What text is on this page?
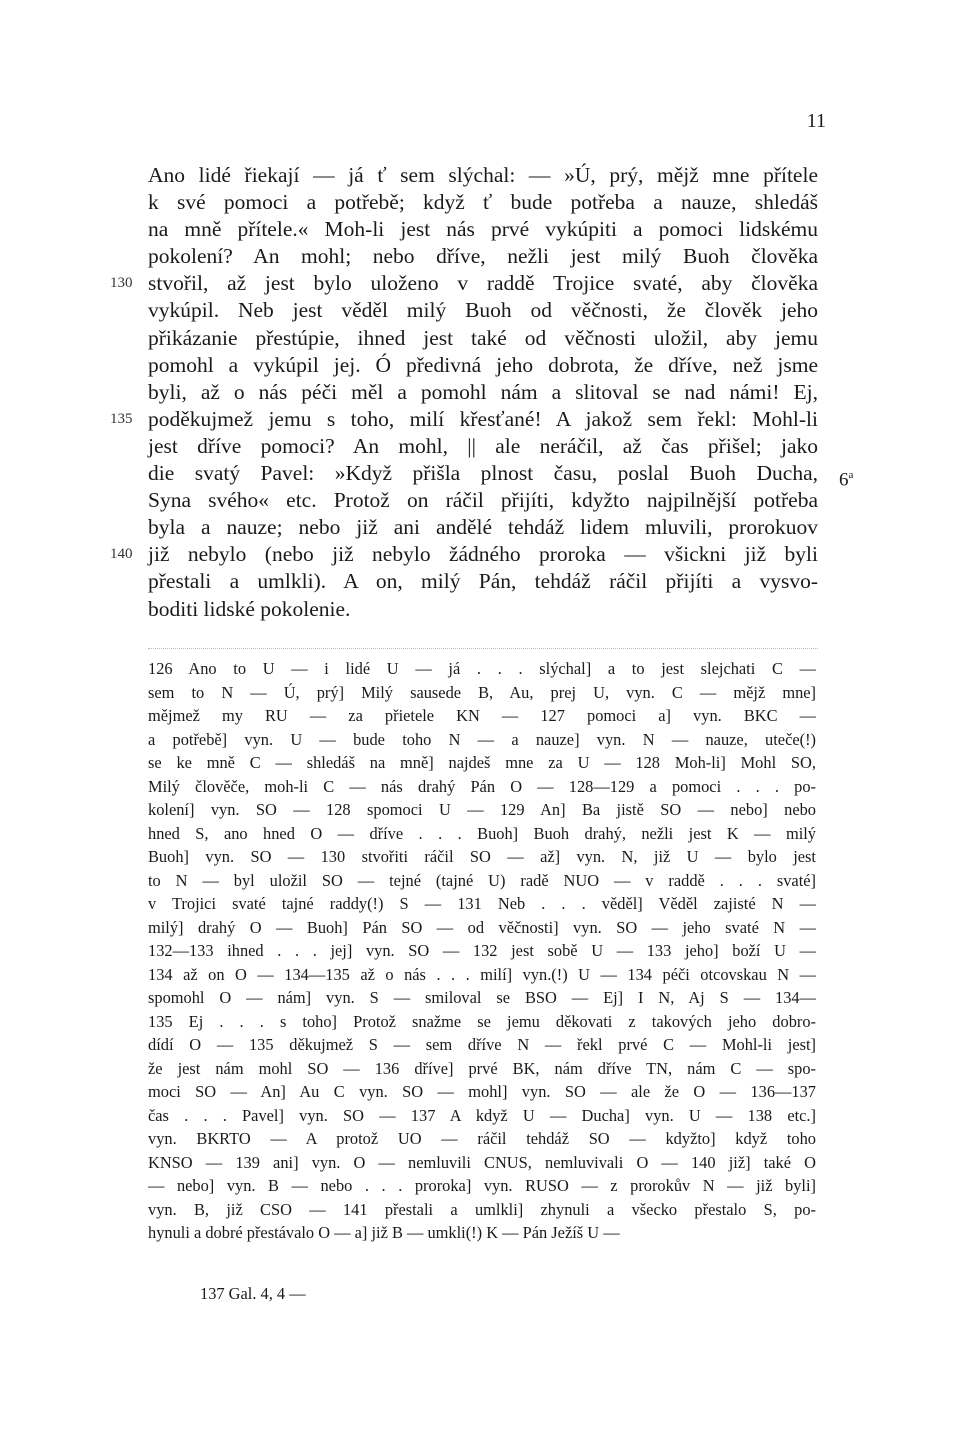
11
Ano lidé řiekají — já ť sem slýchal: — »Ú, prý, mějž mne přítele
k své pomoci a potřebě; když ť bude potřeba a nauze, shledáš
na mně přítele.« Moh-li jest nás prvé vykúpiti a pomoci lidskému
pokolení? An mohl; nebo dříve, nežli jest milý Buoh člověka
130 stvořil, až jest bylo uloženo v raddě Trojice svaté, aby člověka
vykúpil. Neb jest věděl milý Buoh od věčnosti, že člověk jeho
přikázanie přestúpie, ihned jest také od věčnosti uložil, aby jemu
pomohl a vykúpil jej. Ó předivná jeho dobrota, že dříve, než jsme
byli, až o nás péči měl a pomohl nám a slitoval se nad námi! Ej,
135 poděkujmež jemu s toho, milí křesťané! A jakož sem řekl: Mohl-li
jest dříve pomoci? An mohl, || ale neráčil, až čas přišel; jako
die svatý Pavel: »Když přišla plnost času, poslal Buoh Ducha,
Syna svého« etc. Protož on ráčil přijíti, kdyžto najpilnější potřeba
byla a nauze; nebo již ani andělé tehdáž lidem mluvili, prorokuov
140 již nebylo (nebo již nebylo žádného proroka — všickni již byli
přestali a umlkli). A on, milý Pán, tehdáž ráčil přijíti a vysvo-
boditi lidské pokolenie.
6$^a$
126 Ano to U — i lidé U — já . . . slýchal] a to jest slejchati C —
sem to N — Ú, prý] Milý sausede B, Au, prej U, vyn. C — mějž mne]
mějmež my RU — za přietele KN — 127 pomoci a] vyn. BKC —
a potřebě] vyn. U — bude toho N — a nauze] vyn. N — nauze, uteče(!)
se ke mně C — shledáš na mně] najdeš mne za U — 128 Moh-li] Mohl SO,
Milý člověče, moh-li C — nás drahý Pán O — 128—129 a pomoci . . . po-
kolení] vyn. SO — 128 spomoci U — 129 An] Ba jistě SO — nebo] nebo
hned S, ano hned O — dříve . . . Buoh] Buoh drahý, nežli jest K — milý
Buoh] vyn. SO — 130 stvořiti ráčil SO — až] vyn. N, již U — bylo jest
to N — byl uložil SO — tejné (tajné U) radě NUO — v raddě . . . svaté]
v Trojici svaté tajné raddy(!) S — 131 Neb . . . věděl] Věděl zajisté N —
milý] drahý O — Buoh] Pán SO — od věčnosti] vyn. SO — jeho svaté N —
132—133 ihned . . . jej] vyn. SO — 132 jest sobě U — 133 jeho] boží U —
134 až on O — 134—135 až o nás . . . milí] vyn.(!) U — 134 péči otcovskau N —
spomohl O — nám] vyn. S — smiloval se BSO — Ej] I N, Aj S — 134—
135 Ej . . . s toho] Protož snažme se jemu děkovati z takových jeho dobro-
dídí O — 135 děkujmež S — sem dříve N — řekl prvé C — Mohl-li jest]
že jest nám mohl SO — 136 dříve] prvé BK, nám dříve TN, nám C — spo-
moci SO — An] Au C vyn. SO — mohl] vyn. SO — ale že O — 136—137
čas . . . Pavel] vyn. SO — 137 A když U — Ducha] vyn. U — 138 etc.]
vyn. BKRTO — A protož UO — ráčil tehdáž SO — kdyžto] když toho
KNSO — 139 ani] vyn. O — nemluvili CNUS, nemluvivali O — 140 již] také O
— nebo] vyn. B — nebo . . . proroka] vyn. RUSO — z prorokův N — již byli]
vyn. B, již CSO — 141 přestali a umlkli] zhynuli a všecko přestalo S, po-
hynuli a dobré přestávalo O — a] již B — umkli(!) K — Pán Ježíš U —
137 Gal. 4, 4 —
